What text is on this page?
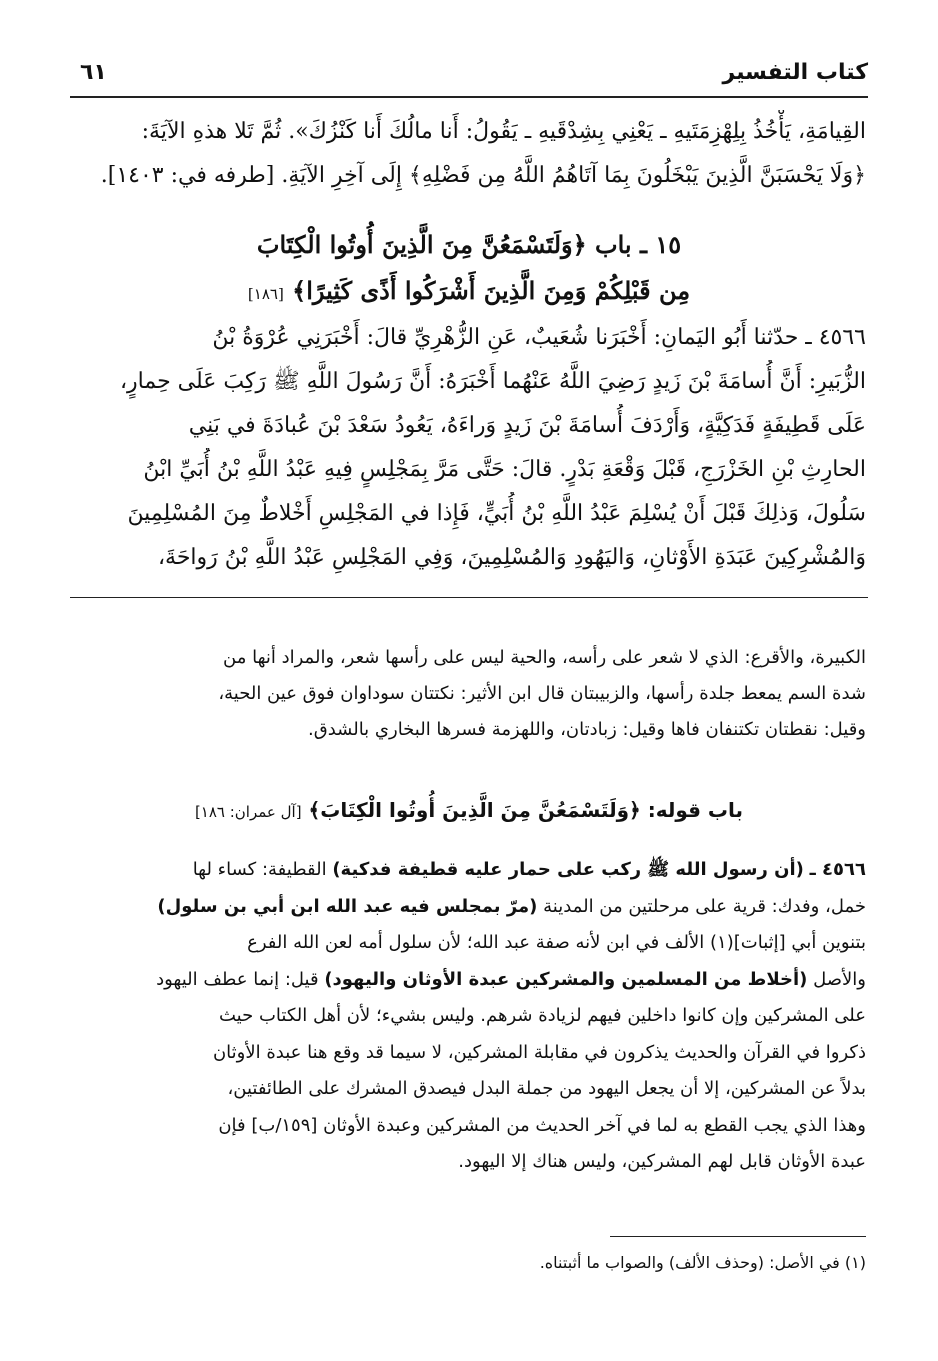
كتاب التفسير
٦١
القِيامَةِ، يَأْخُذُ بِلِهْزِمَتَيهِ ـ يَعْنِي بِشِدْقَيهِ ـ يَقُولُ: أَنا مالُكَ أَنا كَنْزُكَ». ثُمَّ تَلا هذهِ الآيَةَ:
﴿وَلَا يَحْسَبَنَّ الَّذِينَ يَبْخَلُونَ بِمَا آتَاهُمُ اللَّهُ مِن فَضْلِهِ﴾ إِلَى آخِرِ الآيَةِ. [طرفه في: ١٤٠٣].
١٥ ـ باب ﴿وَلَتَسْمَعُنَّ مِنَ الَّذِينَ أُوتُوا الْكِتَابَ
مِن قَبْلِكُمْ وَمِنَ الَّذِينَ أَشْرَكُوا أَذًى كَثِيرًا﴾ [١٨٦]
٤٥٦٦ ـ حدّثنا أَبُو اليَمانِ: أَخْبَرَنا شُعَيبٌ، عَنِ الزُّهْرِيِّ قالَ: أَخْبَرَنِي عُرْوَةُ بْنُ
الزُّبَيرِ: أَنَّ أُسامَةَ بْنَ زَيدٍ رَضِيَ اللَّهُ عَنْهُما أَخْبَرَهُ: أَنَّ رَسُولَ اللَّهِ ﷺ رَكِبَ عَلَى حِمارٍ،
عَلَى قَطِيفَةٍ فَدَكِيَّةٍ، وَأَرْدَفَ أُسامَةَ بْنَ زَيدٍ وَراءَهُ، يَعُودُ سَعْدَ بْنَ عُبادَةَ في بَنِي
الحارِثِ بْنِ الخَزْرَجِ، قَبْلَ وَقْعَةِ بَدْرٍ. قالَ: حَتَّى مَرَّ بِمَجْلِسٍ فِيهِ عَبْدُ اللَّهِ بْنُ أُبَيِّ ابْنُ
سَلُولَ، وَذلِكَ قَبْلَ أَنْ يُسْلِمَ عَبْدُ اللَّهِ بْنُ أُبَيٍّ، فَإِذا في المَجْلِسِ أَخْلاطٌ مِنَ المُسْلِمِينَ
وَالمُشْرِكِينَ عَبَدَةِ الأَوْثانِ، وَاليَهُودِ وَالمُسْلِمِينَ، وَفِي المَجْلِسِ عَبْدُ اللَّهِ بْنُ رَواحَةَ،
الكبيرة، والأقرع: الذي لا شعر على رأسه، والحية ليس على رأسها شعر، والمراد أنها من
شدة السم يمعط جلدة رأسها، والزبيبتان قال ابن الأثير: نكتتان سوداوان فوق عين الحية،
وقيل: نقطتان تكتنفان فاها وقيل: زبادتان، واللهزمة فسرها البخاري بالشدق.
باب قوله: ﴿وَلَتَسْمَعُنَّ مِنَ الَّذِينَ أُوتُوا الْكِتَابَ﴾ [آل عمران: ١٨٦]
٤٥٦٦ ـ (أن رسول الله ﷺ ركب على حمار عليه قطيفة فدكية) القطيفة: كساء لها
خمل، وفدك: قرية على مرحلتين من المدينة (مرّ بمجلس فيه عبد الله ابن أبي بن سلول)
بتنوين أبي [إثبات](١) الألف في ابن لأنه صفة عبد الله؛ لأن سلول أمه لعن الله الفرع
والأصل (أخلاط من المسلمين والمشركين عبدة الأوثان واليهود) قيل: إنما عطف اليهود
على المشركين وإن كانوا داخلين فيهم لزيادة شرهم. وليس بشيء؛ لأن أهل الكتاب حيث
ذكروا في القرآن والحديث يذكرون في مقابلة المشركين، لا سيما قد وقع هنا عبدة الأوثان
بدلاً عن المشركين، إلا أن يجعل اليهود من جملة البدل فيصدق المشرك على الطائفتين،
وهذا الذي يجب القطع به لما في آخر الحديث من المشركين وعبدة الأوثان [١٥٩/ب] فإن
عبدة الأوثان قابل لهم المشركين، وليس هناك إلا اليهود.
(١) في الأصل: (وحذف الألف) والصواب ما أثبتناه.
